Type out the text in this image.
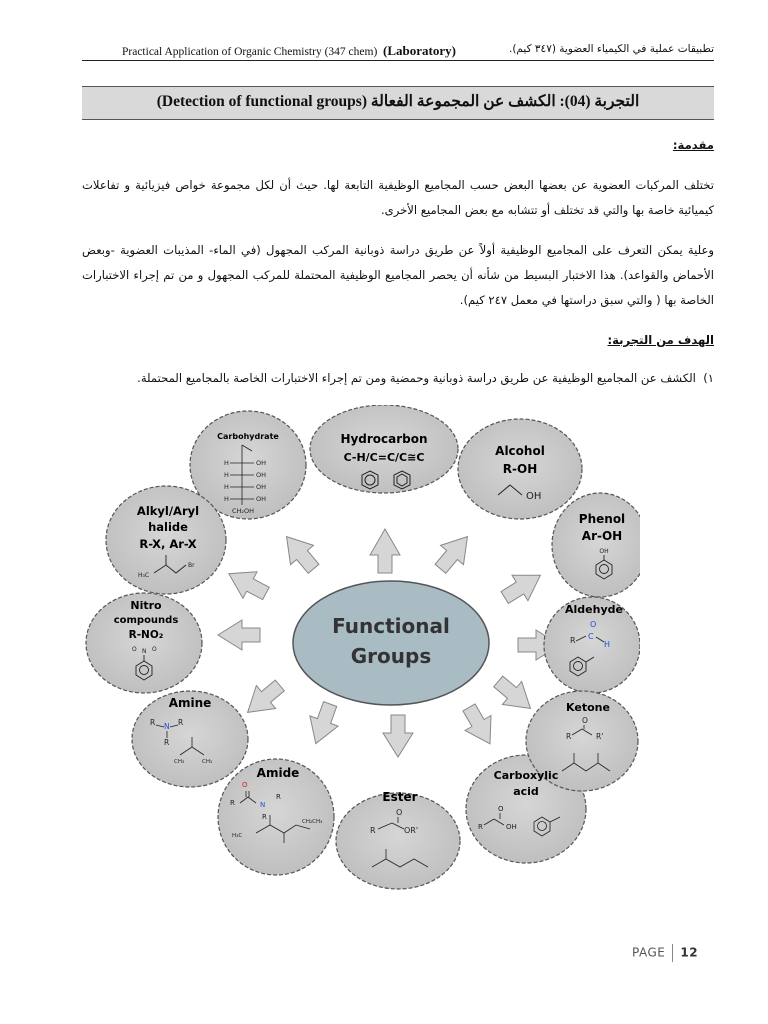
Practical Application of Organic Chemistry (347 chem) (Laboratory)	تطبيقات عملية في الكيمياء العضوية (٣٤٧ كيم).
التجربة (04): الكشف عن المجموعة الفعالة (Detection of functional groups)
مقدمة:
تختلف المركبات العضوية عن بعضها البعض حسب المجاميع الوظيفية التابعة لها. حيث أن لكل مجموعة خواص فيزيائية و تفاعلات كيميائية خاصة بها والتي قد تختلف أو تتشابه مع بعض المجاميع الأخرى.
وعلية يمكن التعرف على المجاميع الوظيفية أولاً عن طريق دراسة ذوبانية المركب المجهول (في الماء- المذيبات العضوية -وبعض الأحماض والقواعد). هذا الاختبار البسيط من شأنه أن يحصر المجاميع الوظيفية المحتملة للمركب المجهول و من تم إجراء الاختبارات الخاصة بها ( والتي سبق دراستها في معمل ٢٤٧ كيم).
الهدف من التجربة:
١)  الكشف عن المجاميع الوظيفية عن طريق دراسة ذوبانية وحمضية ومن تم إجراء الاختبارات الخاصة بالمجاميع المحتملة.
Functional
Groups
Carbohydrate
H
H
H
H
OH
OH
OH
OH
CH₂OH
Hydrocarbon
C-H/C=C/C≅C	Alcohol
R-OH
OH
Phenol
Ar-OH
OH
Alkyl/Aryl
halide
R-X, Ar-X
H₃C
Br
Nitro
compounds
R-NO₂
O N O
Amine
R N R
R
CH₃	CH₃
Amide
O
R	N
R
R
H₃C
CH₂CH₃
Ester
O
R	OR'
Carboxylic
acid
O
R	OH
Aldehyde
O
R C
H
Ketone
O
R	R'
PAGE 12
